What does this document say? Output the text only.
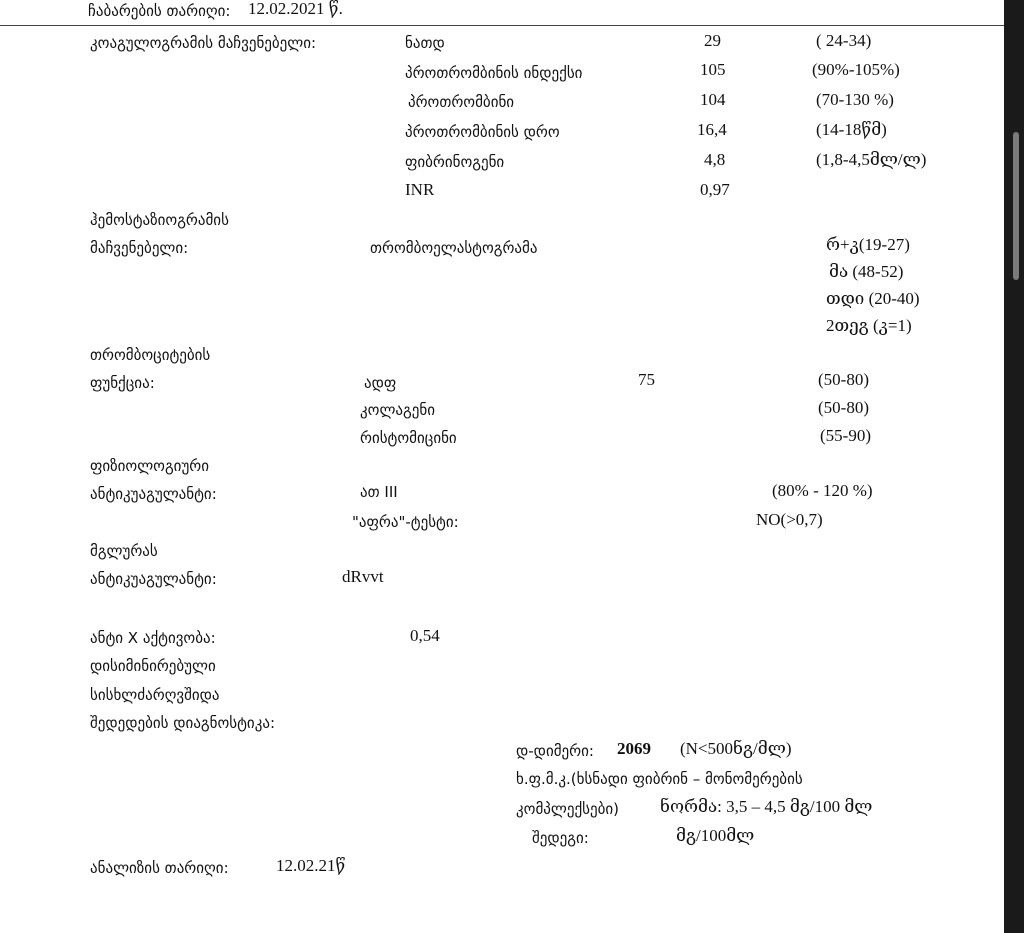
ჩაბარების თარიღი: 12.02.2021 წ.
კოაგულოგრამის მაჩვენებელი:	ნათდ	29	( 24-34)
პროთრომბინის ინდექსი	105	(90%-105%)
პროთრომბინი	104	(70-130 %)
პროთრომბინის დრო	16,4	(14-18წმ)
ფიბრინოგენი	4,8	(1,8-4,5მლ/ლ)
INR	0,97
ჰემოსტაზიოგრამის
მაჩვენებელი:	თრომბოელასტოგრამა	რ+კ(19-27)
მა (48-52)
თდი (20-40)
2თეგ (კ=1)
თრომბოციტების
ფუნქცია:	ადფ	75	(50-80)
კოლაგენი	(50-80)
რისტომიცინი	(55-90)
ფიზიოლოგიური
ანტიკუაგულანტი:	ათ III	(80% - 120 %)
"აფრა"-ტესტი:	NO(>0,7)
მგლურას
ანტიკუაგულანტი:	dRvvt
ანტი X აქტივობა:	0,54
დისიმინირებული
სისხლძარღვშიდა
შედედების დიაგნოსტიკა:
დ-დიმერი: 2069 (N<500ნგ/მლ)
ხ.ფ.მ.კ.(ხსნადი ფიბრინ – მონომერების
კომპლექსები) ნორმა: 3,5 – 4,5 მგ/100 მლ
შედეგი:	მგ/100მლ
ანალიზის თარიღი:	12.02.21წ
